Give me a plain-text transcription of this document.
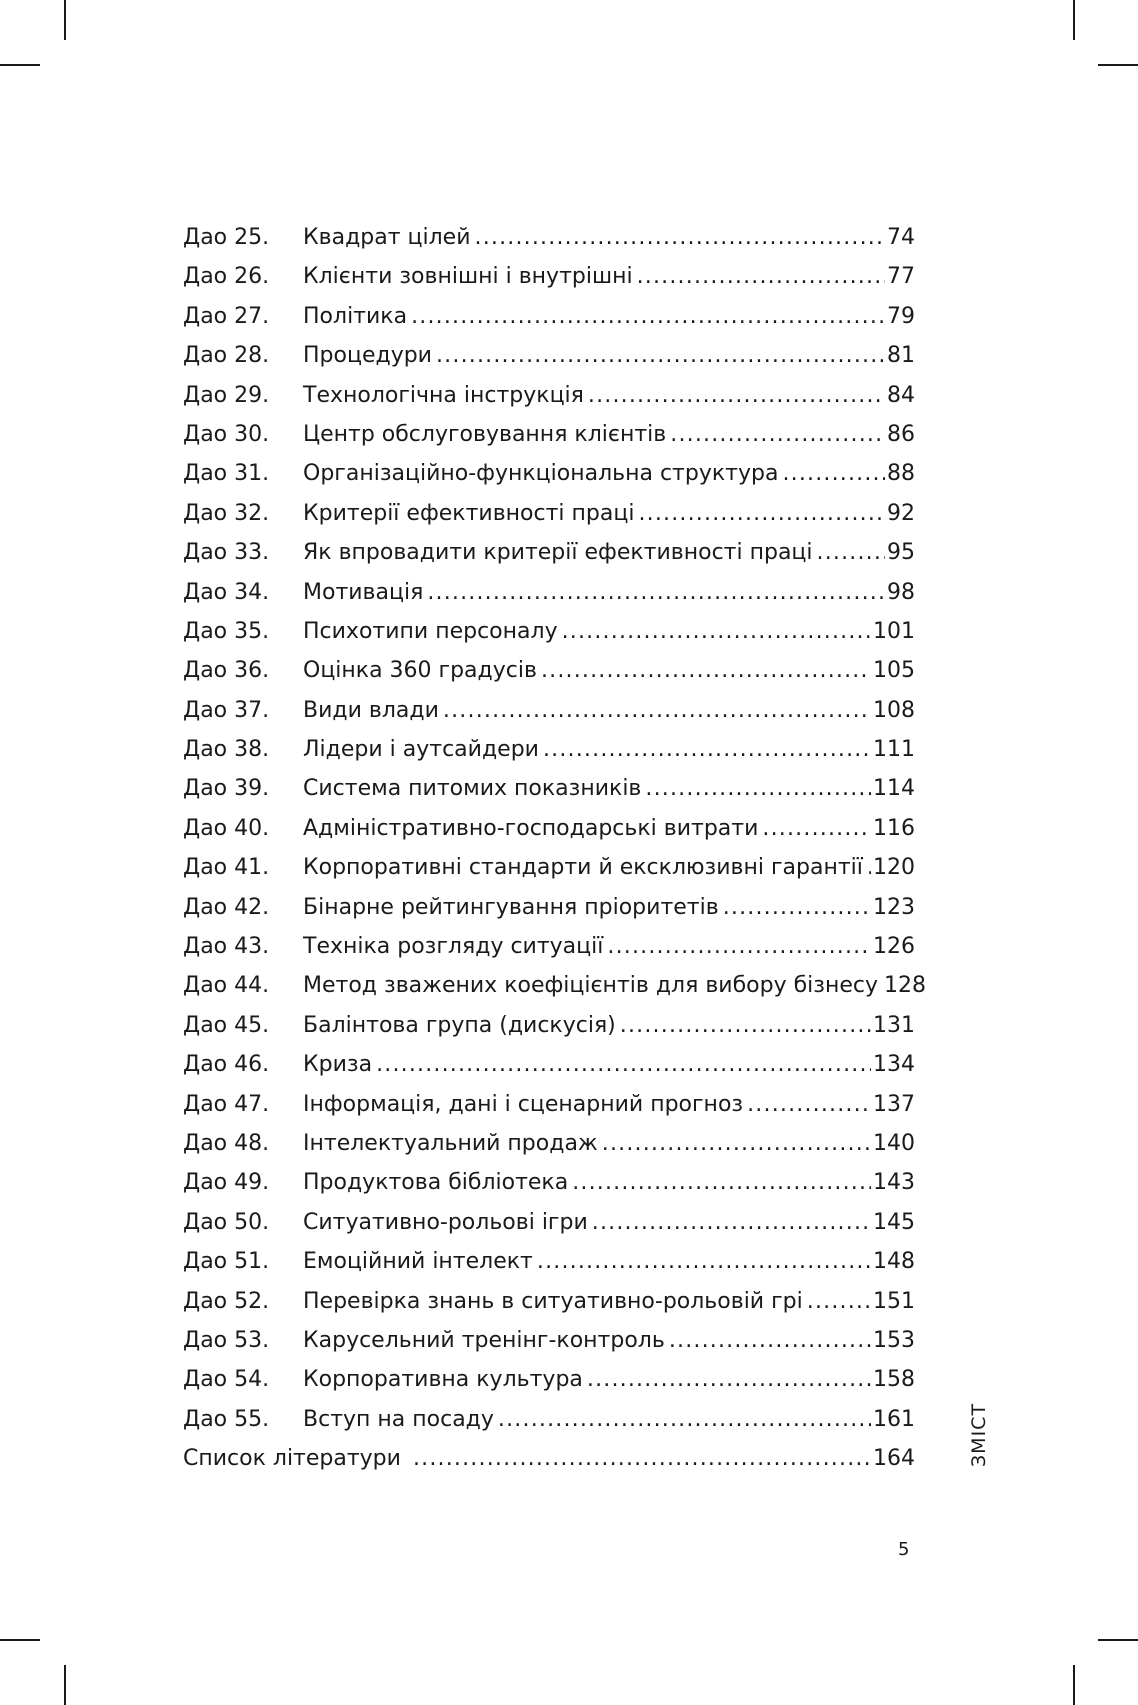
Дао 25.	Квадрат цілей .....	74
Дао 26.	Клієнти зовнішні і внутрішні .....	77
Дао 27.	Політика .....	79
Дао 28.	Процедури .....	81
Дао 29.	Технологічна інструкція .....	84
Дао 30.	Центр обслуговування клієнтів .....	86
Дао 31.	Організаційно-функціональна структура .....	88
Дао 32.	Критерії ефективності праці .....	92
Дао 33.	Як впровадити критерії ефективності праці .....	95
Дао 34.	Мотивація .....	98
Дао 35.	Психотипи персоналу .....	101
Дао 36.	Оцінка 360 градусів .....	105
Дао 37.	Види влади .....	108
Дао 38.	Лідери і аутсайдери .....	111
Дао 39.	Система питомих показників .....	114
Дао 40.	Адміністративно-господарські витрати .....	116
Дао 41.	Корпоративні стандарти й ексклюзивні гарантії ..... 120
Дао 42.	Бінарне рейтингування пріоритетів .....	123
Дао 43.	Техніка розгляду ситуації .....	126
Дао 44.	Метод зважених коефіцієнтів для вибору бізнесу 128
Дао 45.	Балінтова група (дискусія) .....	131
Дао 46.	Криза .....	134
Дао 47.	Інформація, дані і сценарний прогноз .....	137
Дао 48.	Інтелектуальний продаж .....	140
Дао 49.	Продуктова бібліотека .....	143
Дао 50.	Ситуативно-рольові ігри .....	145
Дао 51.	Емоційний інтелект .....	148
Дао 52.	Перевірка знань в ситуативно-рольовій грі .....	151
Дао 53.	Карусельний тренінг-контроль .....	153
Дао 54.	Корпоративна культура .....	158
Дао 55.	Вступ на посаду .....	161
Список літератури .....	164	ЗМІСТ
5
